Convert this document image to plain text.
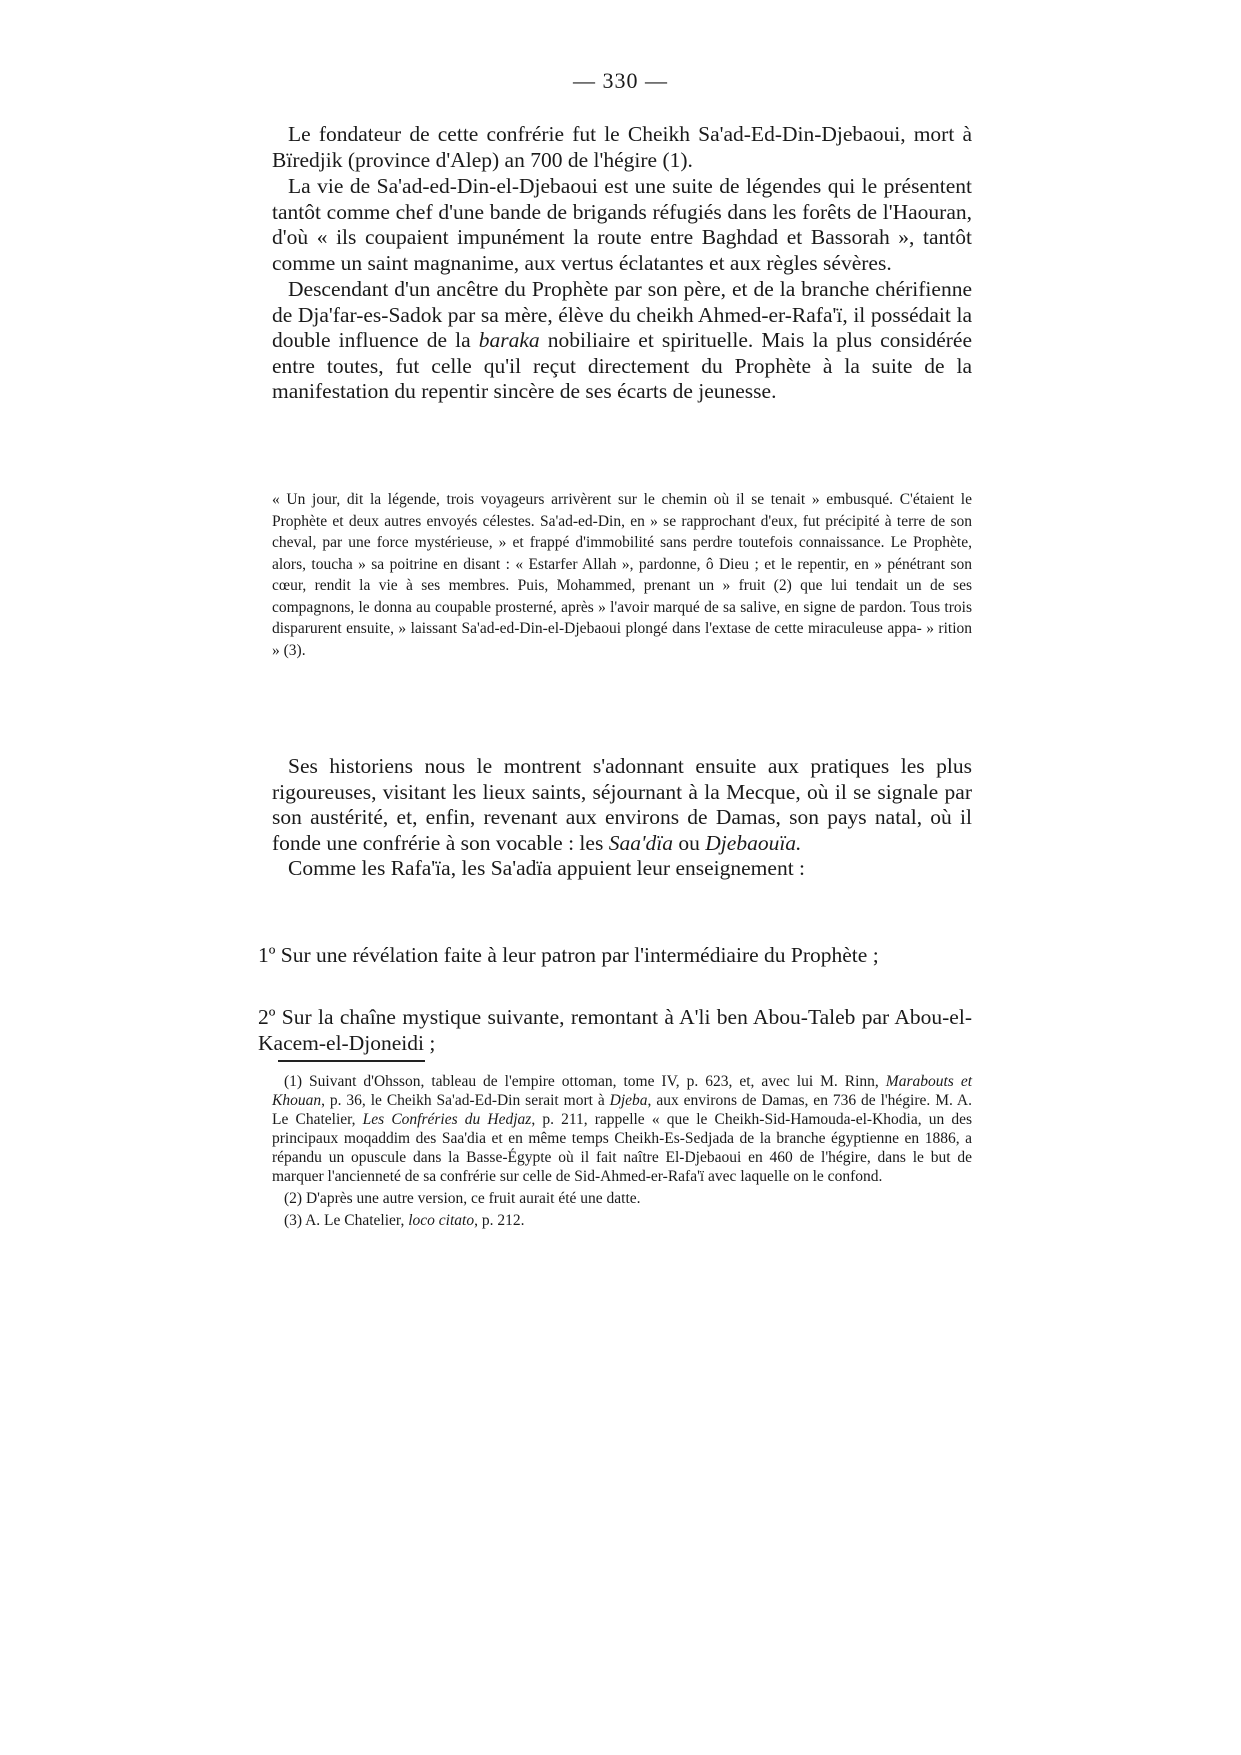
— 330 —

Le fondateur de cette confrérie fut le Cheikh Sa'ad-Ed-Din-Djebaoui, mort à Bïredjik (province d'Alep) an 700 de l'hégire (1).

La vie de Sa'ad-ed-Din-el-Djebaoui est une suite de légendes qui le présentent tantôt comme chef d'une bande de brigands réfugiés dans les forêts de l'Haouran, d'où « ils coupaient impunément la route entre Baghdad et Bassorah », tantôt comme un saint magnanime, aux vertus éclatantes et aux règles sévères.

Descendant d'un ancêtre du Prophète par son père, et de la branche chérifienne de Dja'far-es-Sadok par sa mère, élève du cheikh Ahmed-er-Rafa'ï, il possédait la double influence de la baraka nobiliaire et spirituelle. Mais la plus considérée entre toutes, fut celle qu'il reçut directement du Prophète à la suite de la manifestation du repentir sincère de ses écarts de jeunesse.

« Un jour, dit la légende, trois voyageurs arrivèrent sur le chemin où il se tenait » embusqué. C'étaient le Prophète et deux autres envoyés célestes. Sa'ad-ed-Din, en » se rapprochant d'eux, fut précipité à terre de son cheval, par une force mystérieuse, » et frappé d'immobilité sans perdre toutefois connaissance. Le Prophète, alors, toucha » sa poitrine en disant : « Estarfer Allah », pardonne, ô Dieu ; et le repentir, en » pénétrant son cœur, rendit la vie à ses membres. Puis, Mohammed, prenant un » fruit (2) que lui tendait un de ses compagnons, le donna au coupable prosterné, après » l'avoir marqué de sa salive, en signe de pardon. Tous trois disparurent ensuite, » laissant Sa'ad-ed-Din-el-Djebaoui plongé dans l'extase de cette miraculeuse appa- » rition » (3).

Ses historiens nous le montrent s'adonnant ensuite aux pratiques les plus rigoureuses, visitant les lieux saints, séjournant à la Mecque, où il se signale par son austérité, et, enfin, revenant aux environs de Damas, son pays natal, où il fonde une confrérie à son vocable : les Saa'dïa ou Djebaouïa.

Comme les Rafa'ïa, les Sa'adïa appuient leur enseignement :

1º Sur une révélation faite à leur patron par l'intermédiaire du Prophète ;

2º Sur la chaîne mystique suivante, remontant à A'li ben Abou-Taleb par Abou-el-Kacem-el-Djoneidi ;

(1) Suivant d'Ohsson, tableau de l'empire ottoman, tome IV, p. 623, et, avec lui M. Rinn, Marabouts et Khouan, p. 36, le Cheikh Sa'ad-Ed-Din serait mort à Djeba, aux environs de Damas, en 736 de l'hégire. M. A. Le Chatelier, Les Confréries du Hedjaz, p. 211, rappelle « que le Cheikh-Sid-Hamouda-el-Khodia, un des principaux moqaddim des Saa'dia et en même temps Cheikh-Es-Sedjada de la branche égyptienne en 1886, a répandu un opuscule dans la Basse-Égypte où il fait naître El-Djebaoui en 460 de l'hégire, dans le but de marquer l'ancienneté de sa confrérie sur celle de Sid-Ahmed-er-Rafa'ï avec laquelle on le confond.

(2) D'après une autre version, ce fruit aurait été une datte.

(3) A. Le Chatelier, loco citato, p. 212.
